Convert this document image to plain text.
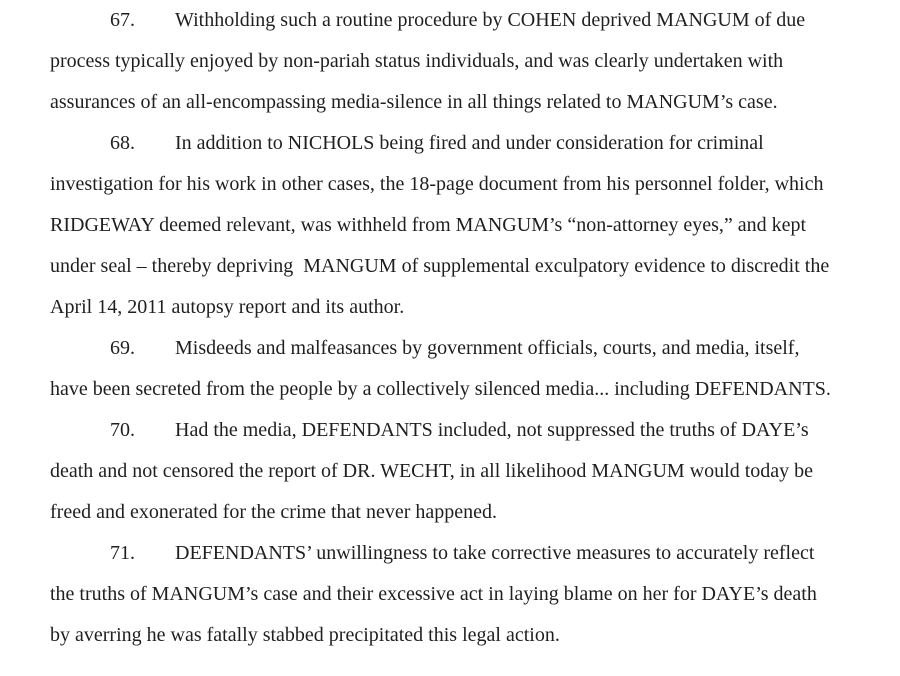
67. Withholding such a routine procedure by COHEN deprived MANGUM of due
process typically enjoyed by non-pariah status individuals, and was clearly undertaken with
assurances of an all-encompassing media-silence in all things related to MANGUM’s case.
68. In addition to NICHOLS being fired and under consideration for criminal
investigation for his work in other cases, the 18-page document from his personnel folder, which
RIDGEWAY deemed relevant, was withheld from MANGUM’s “non-attorney eyes,” and kept
under seal – thereby depriving  MANGUM of supplemental exculpatory evidence to discredit the
April 14, 2011 autopsy report and its author.
69. Misdeeds and malfeasances by government officials, courts, and media, itself,
have been secreted from the people by a collectively silenced media... including DEFENDANTS.
70. Had the media, DEFENDANTS included, not suppressed the truths of DAYE’s
death and not censored the report of DR. WECHT, in all likelihood MANGUM would today be
freed and exonerated for the crime that never happened.
71. DEFENDANTS’ unwillingness to take corrective measures to accurately reflect
the truths of MANGUM’s case and their excessive act in laying blame on her for DAYE’s death
by averring he was fatally stabbed precipitated this legal action.
